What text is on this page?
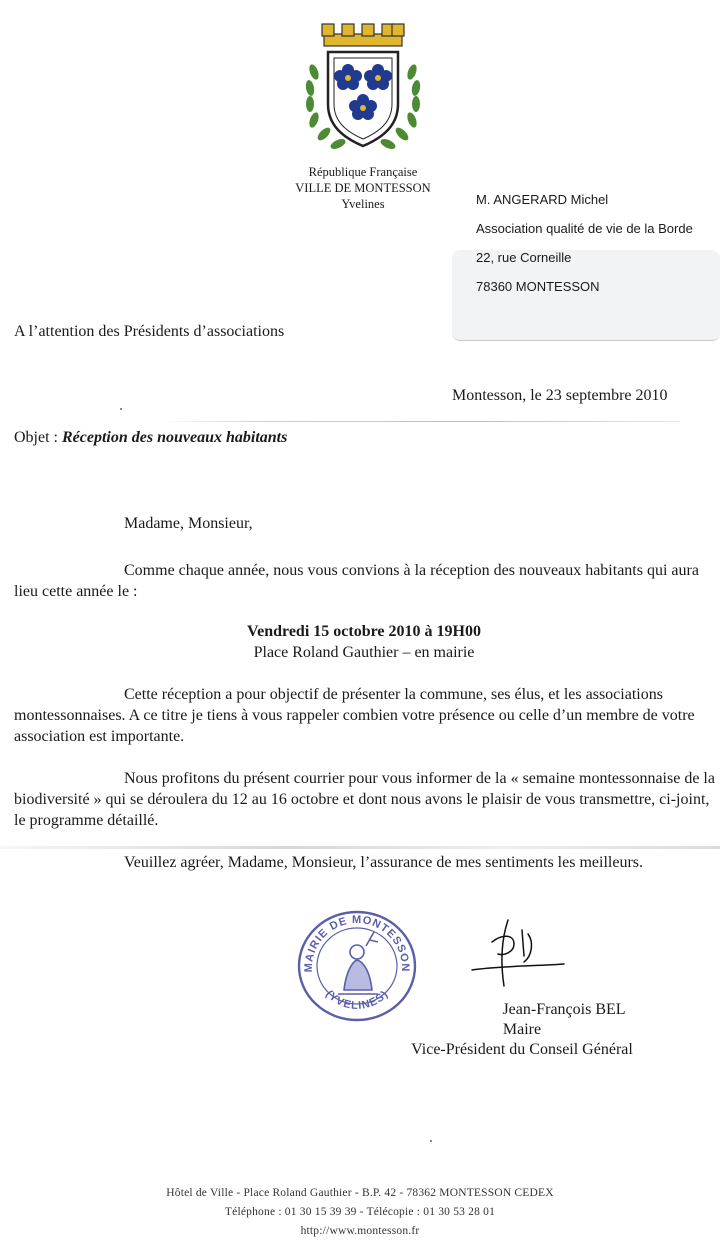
République Française
VILLE DE MONTESSON
Yvelines	M. ANGERARD Michel
Association qualité de vie de la Borde
22, rue Corneille
78360 MONTESSON
A l’attention des Présidents d’associations
Montesson, le 23 septembre 2010
Objet : Réception des nouveaux habitants
Madame, Monsieur,
Comme chaque année, nous vous convions à la réception des nouveaux habitants qui aura lieu cette année le :
Vendredi 15 octobre 2010 à 19H00
Place Roland Gauthier – en mairie
Cette réception a pour objectif de présenter la commune, ses élus, et les associations montessonnaises. A ce titre je tiens à vous rappeler combien votre présence ou celle d’un membre de votre association est importante.
Nous profitons du présent courrier pour vous informer de la « semaine montessonnaise de la biodiversité » qui se déroulera du 12 au 16 octobre et dont nous avons le plaisir de vous transmettre, ci-joint, le programme détaillé.
Veuillez agréer, Madame, Monsieur, l’assurance de mes sentiments les meilleurs.
MAIRIE DE MONTESSON
(YVELINES)
Jean-François BEL
Maire
Vice-Président du Conseil Général
Hôtel de Ville - Place Roland Gauthier - B.P. 42 - 78362 MONTESSON CEDEX
Téléphone : 01 30 15 39 39 - Télécopie : 01 30 53 28 01
http://www.montesson.fr
